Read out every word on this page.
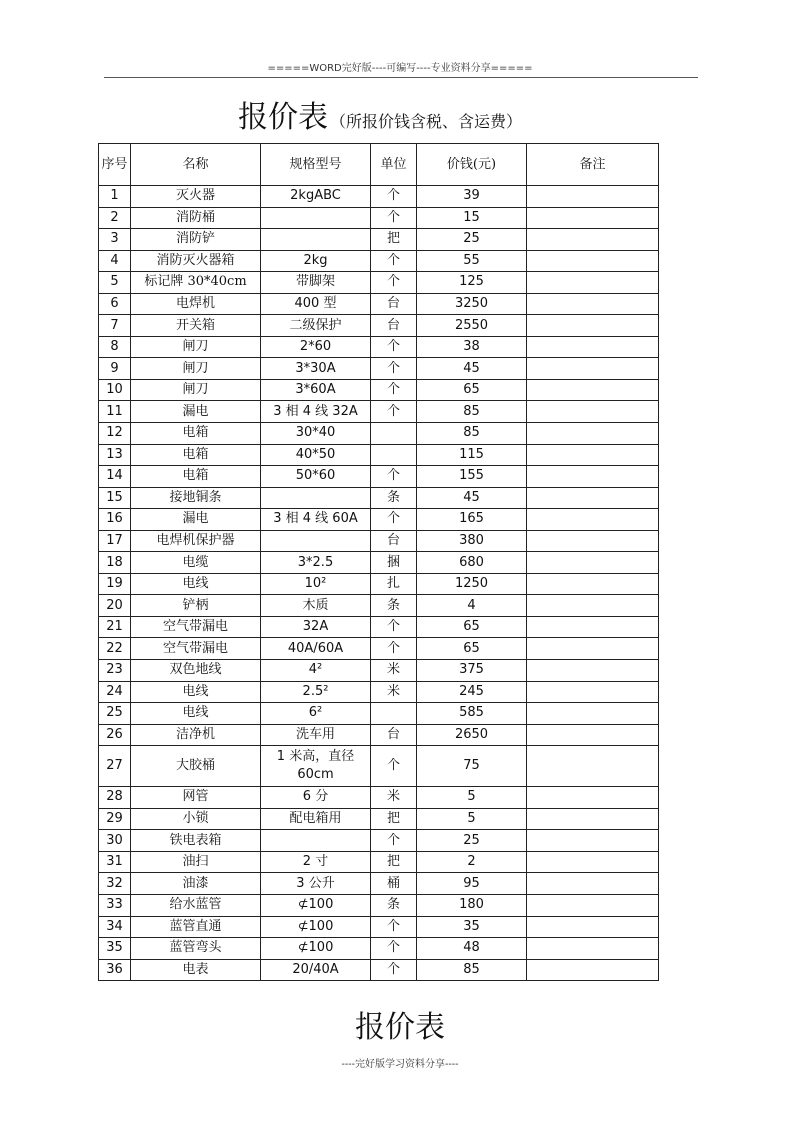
=====WORD完好版----可编写----专业资料分享=====
报价表 （所报价钱含税、含运费）
序号	名称	规格型号	单位	价钱(元)	备注
1	灭火器	2kgABC	个	39	
2	消防桶		个	15	
3	消防铲		把	25	
4	消防灭火器箱	2kg	个	55	
5	标记牌 30*40cm	带脚架	个	125	
6	电焊机	400 型	台	3250	
7	开关箱	二级保护	台	2550	
8	闸刀	2*60	个	38	
9	闸刀	3*30A	个	45	
10	闸刀	3*60A	个	65	
11	漏电	3 相 4 线 32A	个	85	
12	电箱	30*40		85	
13	电箱	40*50		115	
14	电箱	50*60	个	155	
15	接地铜条		条	45	
16	漏电	3 相 4 线 60A	个	165	
17	电焊机保护器		台	380	
18	电缆	3*2.5	捆	680	
19	电线	10²	扎	1250	
20	铲柄	木质	条	4	
21	空气带漏电	32A	个	65	
22	空气带漏电	40A/60A	个	65	
23	双色地线	4²	米	375	
24	电线	2.5²	米	245	
25	电线	6²		585	
26	洁净机	洗车用	台	2650	
27	大胶桶	1 米高，直径 60cm	个	75	
28	网管	6 分	米	5	
29	小锁	配电箱用	把	5	
30	铁电表箱		个	25	
31	油扫	2 寸	把	2	
32	油漆	3 公升	桶	95	
33	给水蓝管	⊄100	条	180	
34	蓝管直通	⊄100	个	35	
35	蓝管弯头	⊄100	个	48	
36	电表	20/40A	个	85	
报价表
----完好版学习资料分享----
